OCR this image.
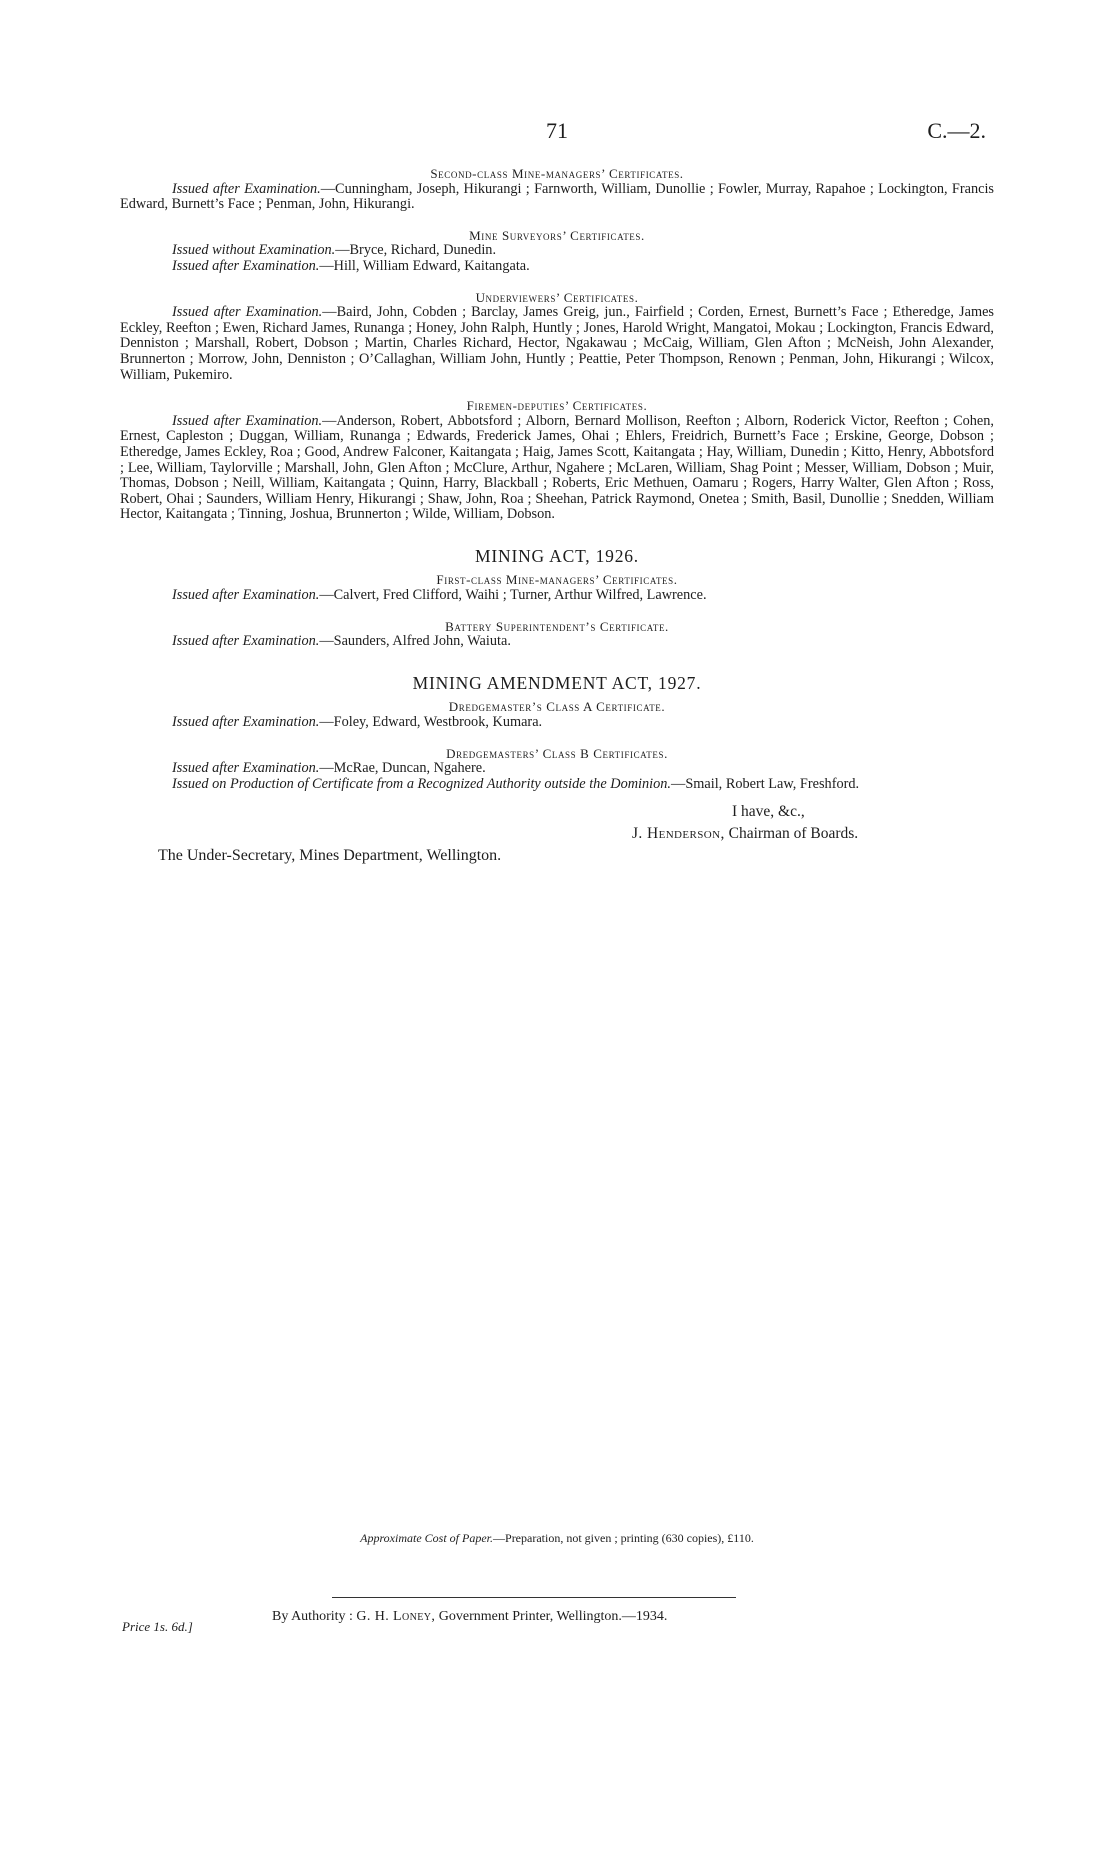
71	C.—2.
Second-class Mine-managers’ Certificates.

Issued after Examination.—Cunningham, Joseph, Hikurangi ; Farnworth, William, Dunollie ; Fowler, Murray, Rapahoe ; Lockington, Francis Edward, Burnett’s Face ; Penman, John, Hikurangi.

Mine Surveyors’ Certificates.

Issued without Examination.—Bryce, Richard, Dunedin.

Issued after Examination.—Hill, William Edward, Kaitangata.

Underviewers’ Certificates.

Issued after Examination.—Baird, John, Cobden ; Barclay, James Greig, jun., Fairfield ; Corden, Ernest, Burnett’s Face ; Etheredge, James Eckley, Reefton ; Ewen, Richard James, Runanga ; Honey, John Ralph, Huntly ; Jones, Harold Wright, Mangatoi, Mokau ; Lockington, Francis Edward, Denniston ; Marshall, Robert, Dobson ; Martin, Charles Richard, Hector, Ngakawau ; McCaig, William, Glen Afton ; McNeish, John Alexander, Brunnerton ; Morrow, John, Denniston ; O’Callaghan, William John, Huntly ; Peattie, Peter Thompson, Renown ; Penman, John, Hikurangi ; Wilcox, William, Pukemiro.

Firemen-deputies’ Certificates.

Issued after Examination.—Anderson, Robert, Abbotsford ; Alborn, Bernard Mollison, Reefton ; Alborn, Roderick Victor, Reefton ; Cohen, Ernest, Capleston ; Duggan, William, Runanga ; Edwards, Frederick James, Ohai ; Ehlers, Freidrich, Burnett’s Face ; Erskine, George, Dobson ; Etheredge, James Eckley, Roa ; Good, Andrew Falconer, Kaitangata ; Haig, James Scott, Kaitangata ; Hay, William, Dunedin ; Kitto, Henry, Abbotsford ; Lee, William, Taylorville ; Marshall, John, Glen Afton ; McClure, Arthur, Ngahere ; McLaren, William, Shag Point ; Messer, William, Dobson ; Muir, Thomas, Dobson ; Neill, William, Kaitangata ; Quinn, Harry, Blackball ; Roberts, Eric Methuen, Oamaru ; Rogers, Harry Walter, Glen Afton ; Ross, Robert, Ohai ; Saunders, William Henry, Hikurangi ; Shaw, John, Roa ; Sheehan, Patrick Raymond, Onetea ; Smith, Basil, Dunollie ; Snedden, William Hector, Kaitangata ; Tinning, Joshua, Brunnerton ; Wilde, William, Dobson.

MINING ACT, 1926.
First-class Mine-managers’ Certificates.

Issued after Examination.—Calvert, Fred Clifford, Waihi ; Turner, Arthur Wilfred, Lawrence.

Battery Superintendent’s Certificate.

Issued after Examination.—Saunders, Alfred John, Waiuta.

MINING AMENDMENT ACT, 1927.
Dredgemaster’s Class A Certificate.

Issued after Examination.—Foley, Edward, Westbrook, Kumara.

Dredgemasters’ Class B Certificates.

Issued after Examination.—McRae, Duncan, Ngahere.

Issued on Production of Certificate from a Recognized Authority outside the Dominion.—Smail, Robert Law, Freshford.

I have, &c.,
J. Henderson, Chairman of Boards.
The Under-Secretary, Mines Department, Wellington.
Approximate Cost of Paper.—Preparation, not given ; printing (630 copies), £110.
Price 1s. 6d.]
By Authority : G. H. Loney, Government Printer, Wellington.—1934.
